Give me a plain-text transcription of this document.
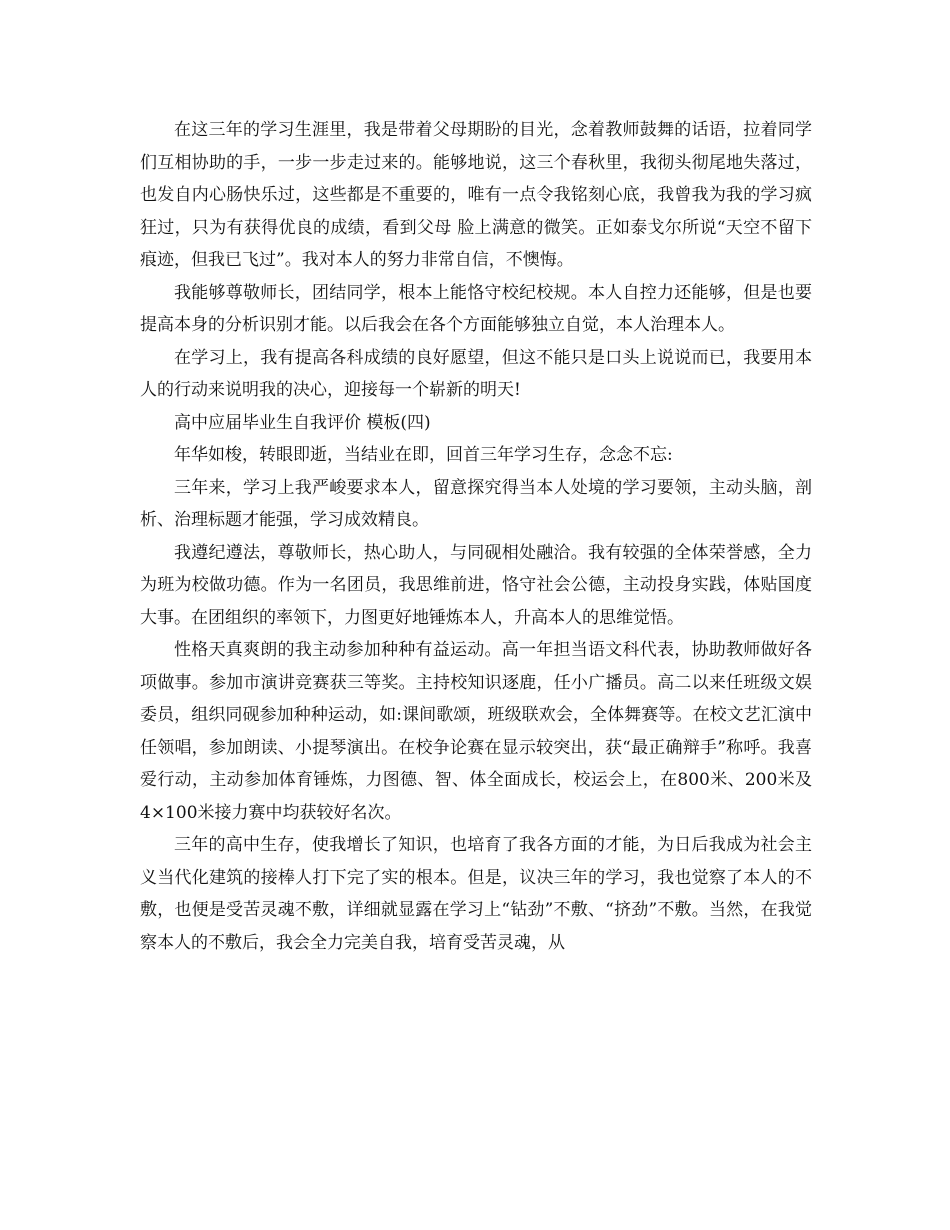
在这三年的学习生涯里，我是带着父母期盼的目光，念着教师鼓舞的话语，拉着同学们互相协助的手，一步一步走过来的。能够地说，这三个春秋里，我彻头彻尾地失落过，也发自内心肠快乐过，这些都是不重要的，唯有一点令我铭刻心底，我曾我为我的学习疯狂过，只为有获得优良的成绩，看到父母 脸上满意的微笑。正如泰戈尔所说“天空不留下痕迹，但我已飞过”。我对本人的努力非常自信，不懊悔。

我能够尊敬师长，团结同学，根本上能恪守校纪校规。本人自控力还能够，但是也要提高本身的分析识别才能。以后我会在各个方面能够独立自觉，本人治理本人。

在学习上，我有提高各科成绩的良好愿望，但这不能只是口头上说说而已，我要用本人的行动来说明我的决心，迎接每一个崭新的明天!

高中应届毕业生自我评价 模板(四)

年华如梭，转眼即逝，当结业在即，回首三年学习生存，念念不忘:

三年来，学习上我严峻要求本人，留意探究得当本人处境的学习要领，主动头脑，剖析、治理标题才能强，学习成效精良。

我遵纪遵法，尊敬师长，热心助人，与同砚相处融洽。我有较强的全体荣誉感，全力为班为校做功德。作为一名团员，我思维前进，恪守社会公德，主动投身实践，体贴国度大事。在团组织的率领下，力图更好地锤炼本人，升高本人的思维觉悟。

性格天真爽朗的我主动参加种种有益运动。高一年担当语文科代表，协助教师做好各项做事。参加市演讲竞赛获三等奖。主持校知识逐鹿，任小广播员。高二以来任班级文娱委员，组织同砚参加种种运动，如:课间歌颂，班级联欢会，全体舞赛等。在校文艺汇演中任领唱，参加朗读、小提琴演出。在校争论赛在显示较突出，获“最正确辩手”称呼。我喜爱行动，主动参加体育锤炼，力图德、智、体全面成长，校运会上，在800米、200米及4×100米接力赛中均获较好名次。

三年的高中生存，使我增长了知识，也培育了我各方面的才能，为日后我成为社会主义当代化建筑的接棒人打下完了实的根本。但是，议决三年的学习，我也觉察了本人的不敷，也便是受苦灵魂不敷，详细就显露在学习上“钻劲”不敷、“挤劲”不敷。当然，在我觉察本人的不敷后，我会全力完美自我，培育受苦灵魂，从
